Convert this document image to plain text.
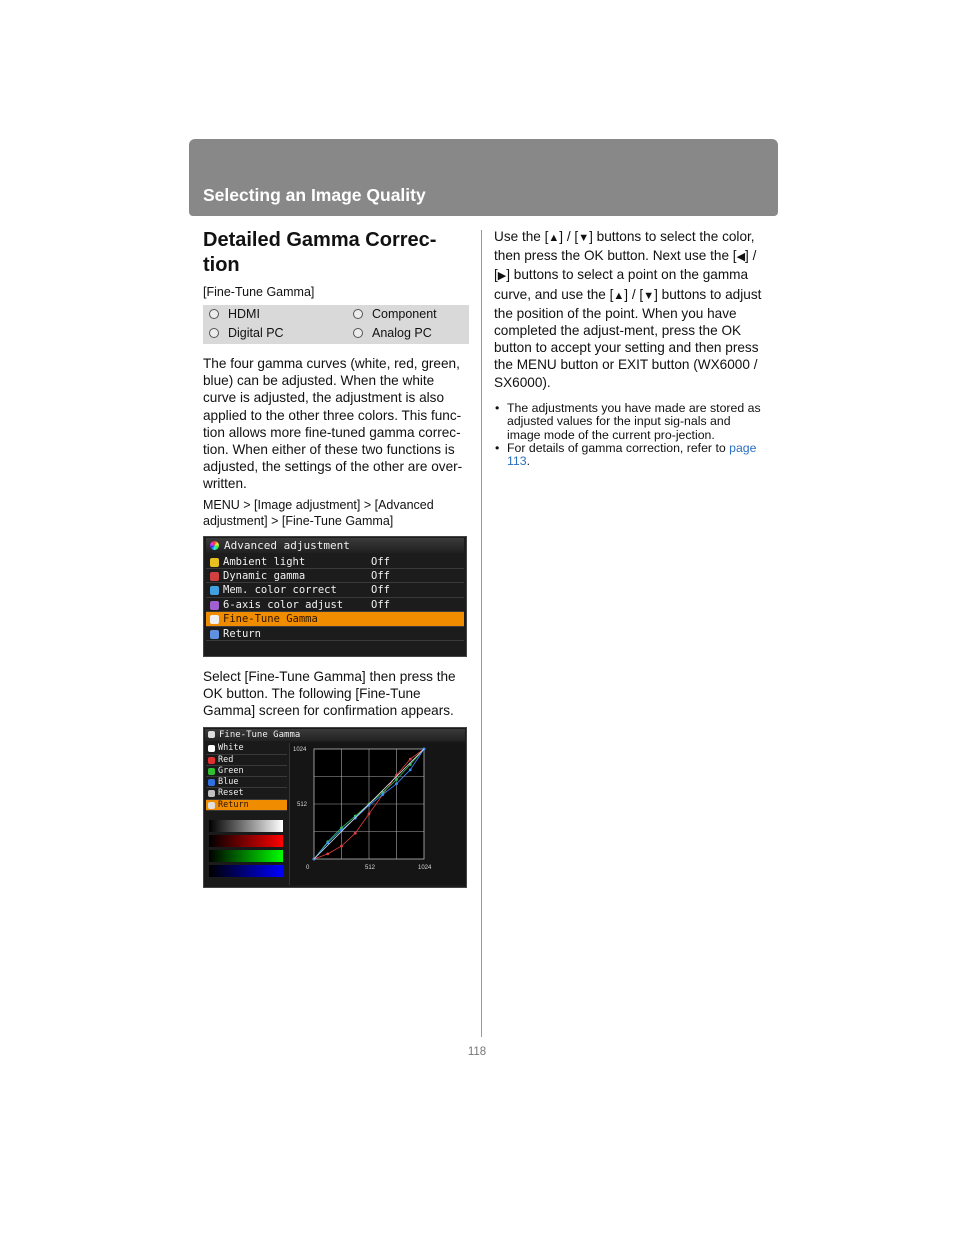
Selecting an Image Quality
Detailed Gamma Correc-
tion
[Fine-Tune Gamma]
HDMI	Component
Digital PC	Analog PC

The four gamma curves (white, red, green, blue) can be adjusted. When the white curve is adjusted, the adjustment is also applied to the other three colors. This func-tion allows more fine-tuned gamma correc-tion. When either of these two functions is adjusted, the settings of the other are over-written.

MENU > [Image adjustment] > [Advanced adjustment] > [Fine-Tune Gamma]

Advanced adjustment
Ambient light	Off
Dynamic gamma	Off
Mem. color correct	Off
6-axis color adjust	Off
Fine-Tune Gamma
Return

Select [Fine-Tune Gamma] then press the OK button. The following [Fine-Tune Gamma] screen for confirmation appears.

Fine-Tune Gamma
White
Red
Green
Blue
Reset
Return
1024
512
0	512	1024

Use the [▲] / [▼] buttons to select the color, then press the OK button. Next use the [◀] / [▶] buttons to select a point on the gamma curve, and use the [▲] / [▼] buttons to adjust the position of the point. When you have completed the adjust-ment, press the OK button to accept your setting and then press the MENU button or EXIT button (WX6000 / SX6000).

• The adjustments you have made are stored as adjusted values for the input sig-nals and image mode of the current pro-jection.
• For details of gamma correction, refer to page 113.
118
